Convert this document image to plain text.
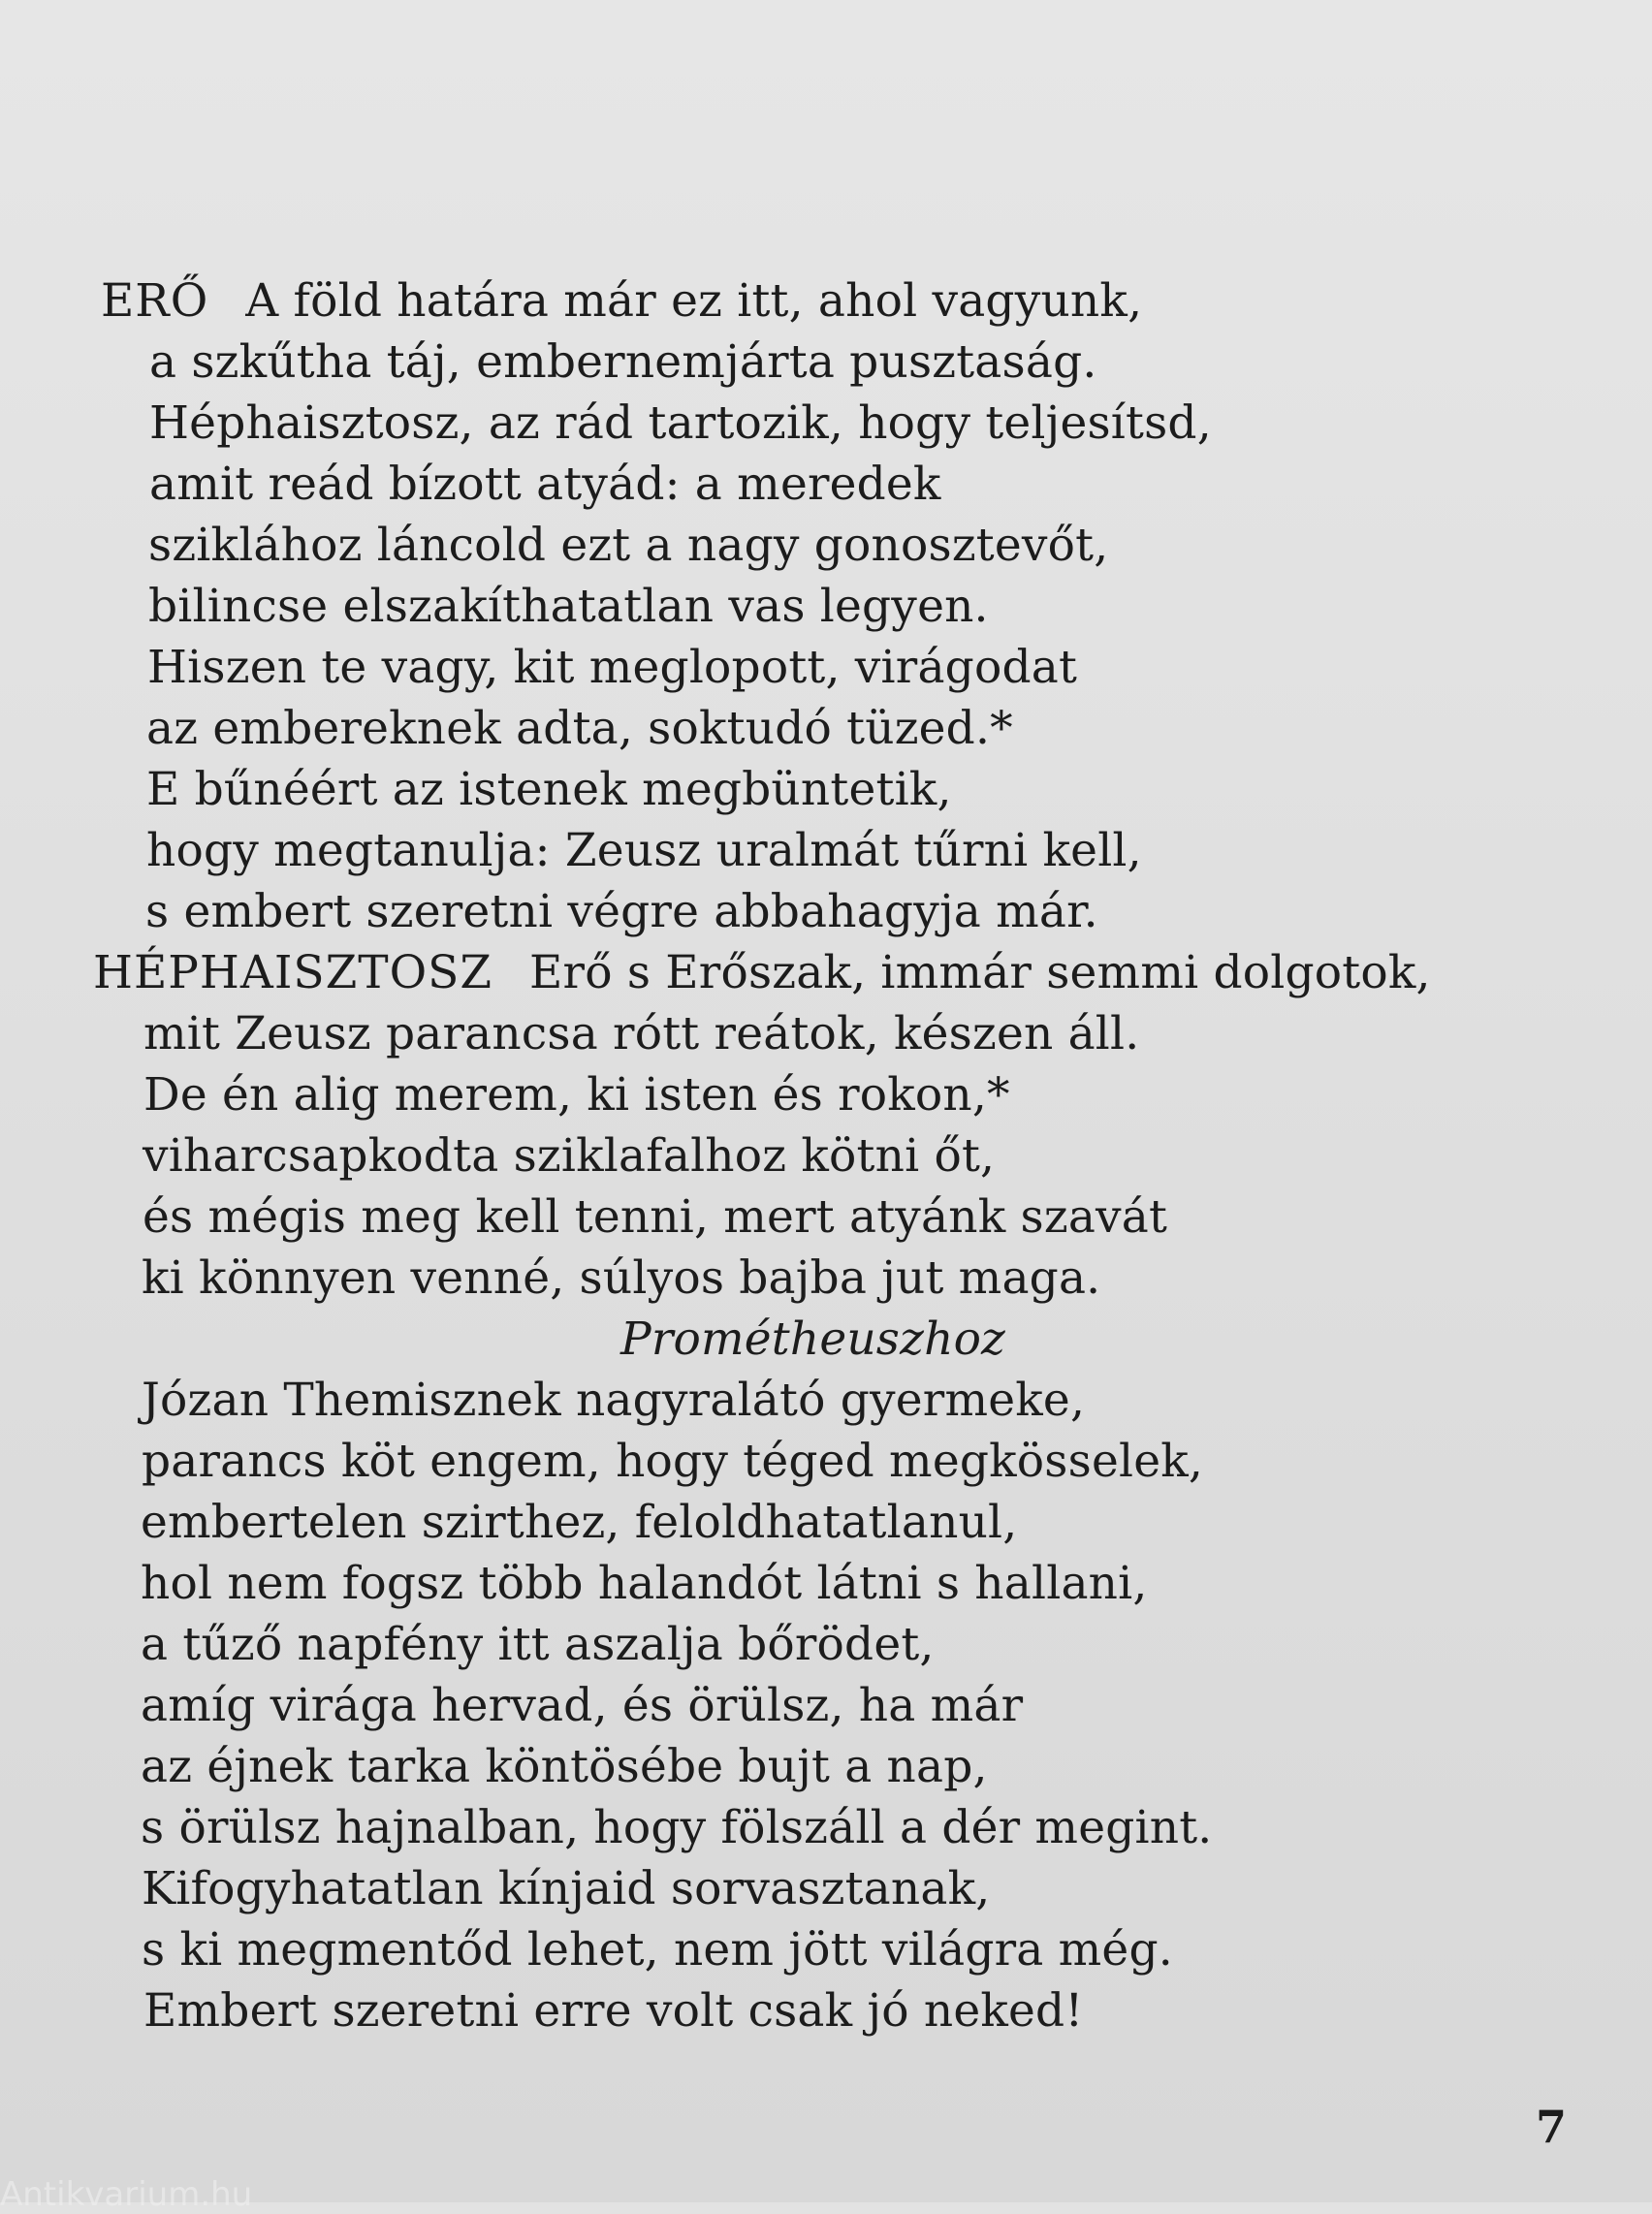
ERŐ A föld határa már ez itt, ahol vagyunk,
a szkűtha táj, embernemjárta pusztaság.
Héphaisztosz, az rád tartozik, hogy teljesítsd,
amit reád bízott atyád: a meredek
sziklához láncold ezt a nagy gonosztevőt,
bilincse elszakíthatatlan vas legyen.
Hiszen te vagy, kit meglopott, virágodat
az embereknek adta, soktudó tüzed.*
E bűnéért az istenek megbüntetik,
hogy megtanulja: Zeusz uralmát tűrni kell,
s embert szeretni végre abbahagyja már.
HÉPHAISZTOSZ Erő s Erőszak, immár semmi dolgotok,
mit Zeusz parancsa rótt reátok, készen áll.
De én alig merem, ki isten és rokon,*
viharcsapkodta sziklafalhoz kötni őt,
és mégis meg kell tenni, mert atyánk szavát
ki könnyen venné, súlyos bajba jut maga.
Prométheuszhoz
Józan Themisznek nagyralátó gyermeke,
parancs köt engem, hogy téged megkösselek,
embertelen szirthez, feloldhatatlanul,
hol nem fogsz több halandót látni s hallani,
a tűző napfény itt aszalja bőrödet,
amíg virága hervad, és örülsz, ha már
az éjnek tarka köntösébe bujt a nap,
s örülsz hajnalban, hogy fölszáll a dér megint.
Kifogyhatatlan kínjaid sorvasztanak,
s ki megmentőd lehet, nem jött világra még.
Embert szeretni erre volt csak jó neked!
7
Antikvarium.hu
